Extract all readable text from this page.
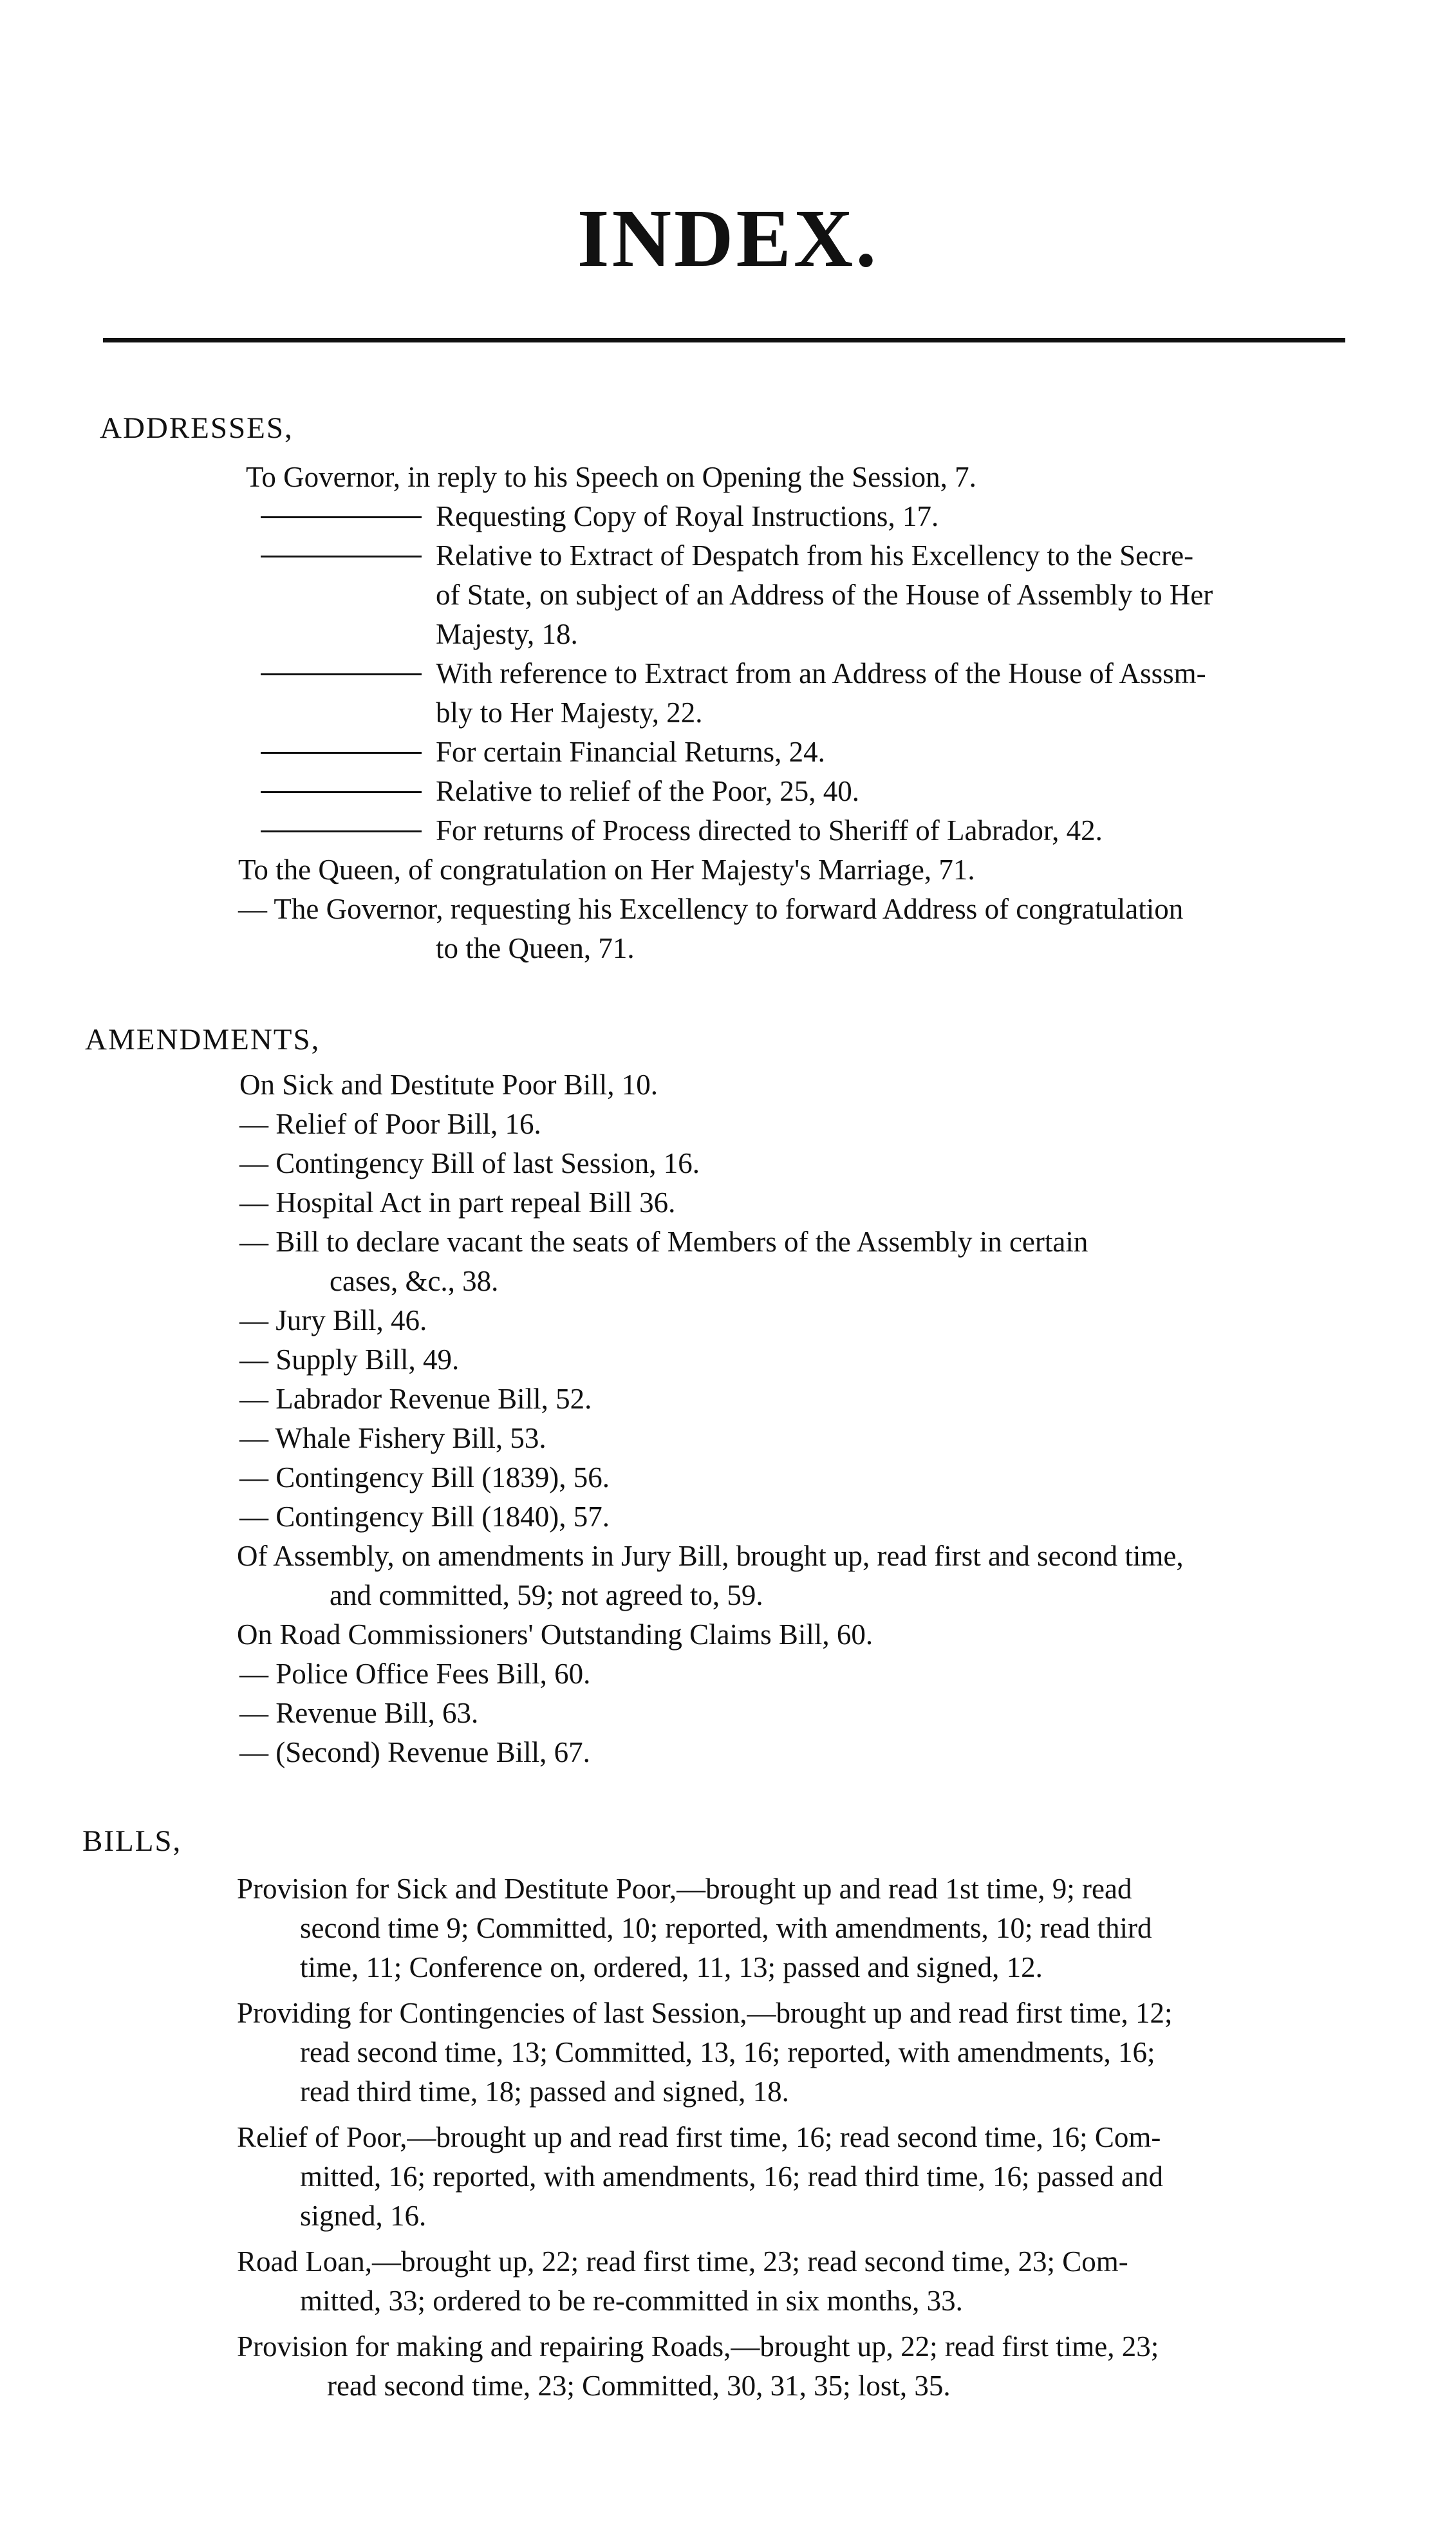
INDEX.
ADDRESSES,
To Governor, in reply to his Speech on Opening the Session, 7.
Requesting Copy of Royal Instructions, 17.
Relative to Extract of Despatch from his Excellency to the Secre-
of State, on subject of an Address of the House of Assembly to Her
Majesty, 18.
With reference to Extract from an Address of the House of Asssm-
bly to Her Majesty, 22.
For certain Financial Returns, 24.
Relative to relief of the Poor, 25, 40.
For returns of Process directed to Sheriff of Labrador, 42.
To the Queen, of congratulation on Her Majesty's Marriage, 71.
— The Governor, requesting his Excellency to forward Address of congratulation
to the Queen, 71.
AMENDMENTS,
On Sick and Destitute Poor Bill, 10.
— Relief of Poor Bill, 16.
— Contingency Bill of last Session, 16.
— Hospital Act in part repeal Bill 36.
— Bill to declare vacant the seats of Members of the Assembly in certain
cases, &c., 38.
— Jury Bill, 46.
— Supply Bill, 49.
— Labrador Revenue Bill, 52.
— Whale Fishery Bill, 53.
— Contingency Bill (1839), 56.
— Contingency Bill (1840), 57.
Of Assembly, on amendments in Jury Bill, brought up, read first and second time,
and committed, 59; not agreed to, 59.
On Road Commissioners' Outstanding Claims Bill, 60.
— Police Office Fees Bill, 60.
— Revenue Bill, 63.
— (Second) Revenue Bill, 67.
BILLS,
Provision for Sick and Destitute Poor,—brought up and read 1st time, 9; read
second time 9; Committed, 10; reported, with amendments, 10; read third
time, 11; Conference on, ordered, 11, 13; passed and signed, 12.
Providing for Contingencies of last Session,—brought up and read first time, 12;
read second time, 13; Committed, 13, 16; reported, with amendments, 16;
read third time, 18; passed and signed, 18.
Relief of Poor,—brought up and read first time, 16; read second time, 16; Com-
mitted, 16; reported, with amendments, 16; read third time, 16; passed and
signed, 16.
Road Loan,—brought up, 22; read first time, 23; read second time, 23; Com-
mitted, 33; ordered to be re-committed in six months, 33.
Provision for making and repairing Roads,—brought up, 22; read first time, 23;
read second time, 23; Committed, 30, 31, 35; lost, 35.
